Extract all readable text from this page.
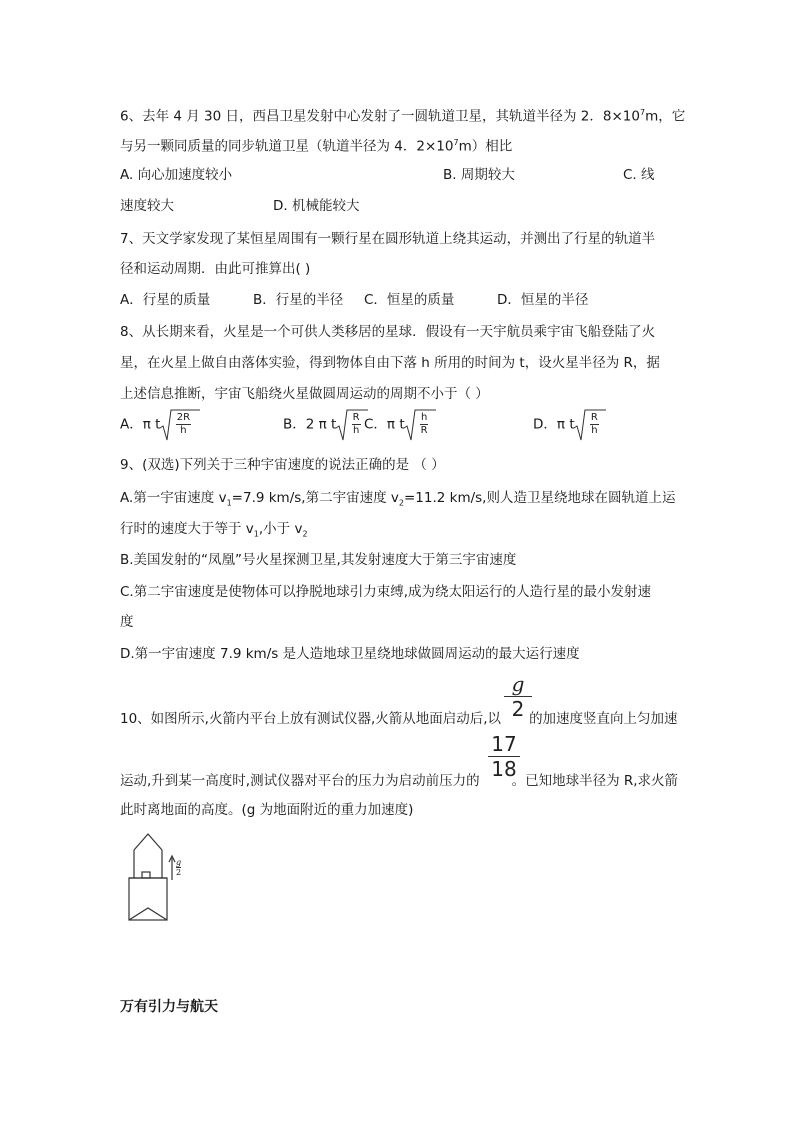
6、去年 4 月 30 日，西昌卫星发射中心发射了一圆轨道卫星，其轨道半径为 2．$8\times 10^7m$，它
与另一颗同质量的同步轨道卫星（轨道半径为 4．$2\times 10^7m$）相比
A. 向心加速度较小	B. 周期较大	C. 线
速度较大	D. 机械能较大
7、天文学家发现了某恒星周围有一颗行星在圆形轨道上绕其运动，并测出了行星的轨道半
径和运动周期．由此可推算出( )
A．行星的质量	B．行星的半径 C．恒星的质量	D．恒星的半径
8、从长期来看，火星是一个可供人类移居的星球．假设有一天宇航员乘宇宙飞船登陆了火
星，在火星上做自由落体实验，得到物体自由下落 h 所用的时间为 t，设火星半径为 R，据
上述信息推断，宇宙飞船绕火星做圆周运动的周期不小于（ ）
A．π t $\frac{2R}{h}$	B．2 π t $\frac{R}{h}$ C．π t $\frac{h}{R}$	D．π t $\frac{R}{h}$
9、(双选)下列关于三种宇宙速度的说法正确的是 （ ）
A.第一宇宙速度 $v_1=7.9$ km/s,第二宇宙速度 $v_2=11.2$ km/s,则人造卫星绕地球在圆轨道上运
行时的速度大于等于 $v_1$,小于 $v_2$
B.美国发射的“凤凰”号火星探测卫星,其发射速度大于第三宇宙速度
C.第二宇宙速度是使物体可以挣脱地球引力束缚,成为绕太阳运行的人造行星的最小发射速
度
D.第一宇宙速度 7.9 km/s 是人造地球卫星绕地球做圆周运动的最大运行速度
g
2
10、如图所示,火箭内平台上放有测试仪器,火箭从地面启动后,以 的加速度竖直向上匀加速
17
18
运动,升到某一高度时,测试仪器对平台的压力为启动前压力的 。已知地球半径为 R,求火箭
此时离地面的高度。(g 为地面附近的重力加速度)
g
2
万有引力与航天
